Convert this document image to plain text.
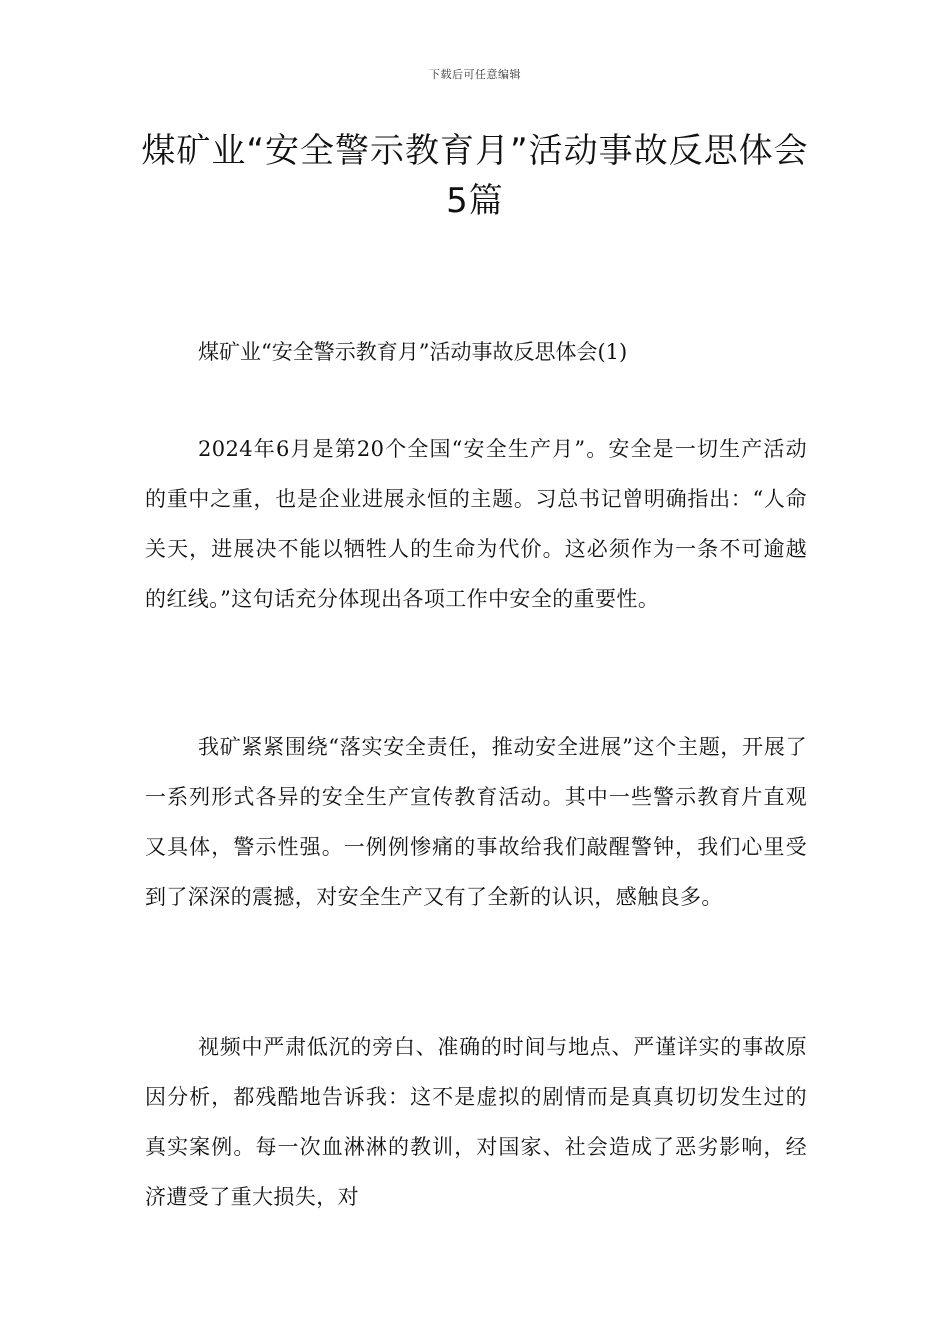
下载后可任意编辑
煤矿业“安全警示教育月”活动事故反思体会5篇
煤矿业“安全警示教育月”活动事故反思体会(1)

2024年6月是第20个全国“安全生产月”。安全是一切生产活动的重中之重，也是企业进展永恒的主题。习总书记曾明确指出：“人命关天，进展决不能以牺牲人的生命为代价。这必须作为一条不可逾越的红线。”这句话充分体现出各项工作中安全的重要性。

我矿紧紧围绕“落实安全责任，推动安全进展”这个主题，开展了一系列形式各异的安全生产宣传教育活动。其中一些警示教育片直观又具体，警示性强。一例例惨痛的事故给我们敲醒警钟，我们心里受到了深深的震撼，对安全生产又有了全新的认识，感触良多。

视频中严肃低沉的旁白、准确的时间与地点、严谨详实的事故原因分析，都残酷地告诉我：这不是虚拟的剧情而是真真切切发生过的真实案例。每一次血淋淋的教训，对国家、社会造成了恶劣影响，经济遭受了重大损失，对
